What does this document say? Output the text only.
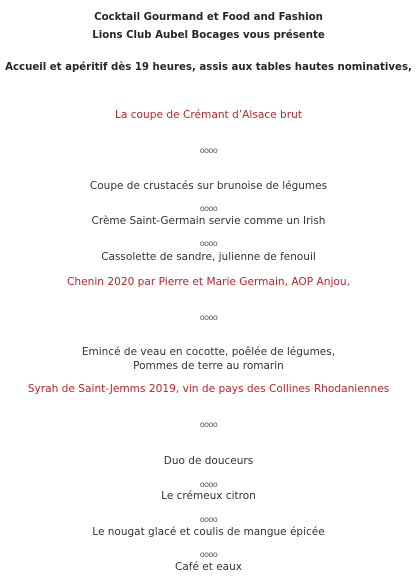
Cocktail Gourmand et Food and Fashion
Lions Club Aubel Bocages vous présente
Accueil et apéritif dès 19 heures, assis aux tables hautes nominatives,
La coupe de Crémant d’Alsace brut
oooo
Coupe de crustacés sur brunoise de légumes
oooo
Crème Saint-Germain servie comme un Irish
oooo
Cassolette de sandre, julienne de fenouil
Chenin 2020 par Pierre et Marie Germain, AOP Anjou,
oooo
Emincé de veau en cocotte, poêlée de légumes,
Pommes de terre au romarin
Syrah de Saint-Jemms 2019, vin de pays des Collines Rhodaniennes
oooo
Duo de douceurs
oooo
Le crémeux citron
oooo
Le nougat glacé et coulis de mangue épicée
oooo
Café et eaux
